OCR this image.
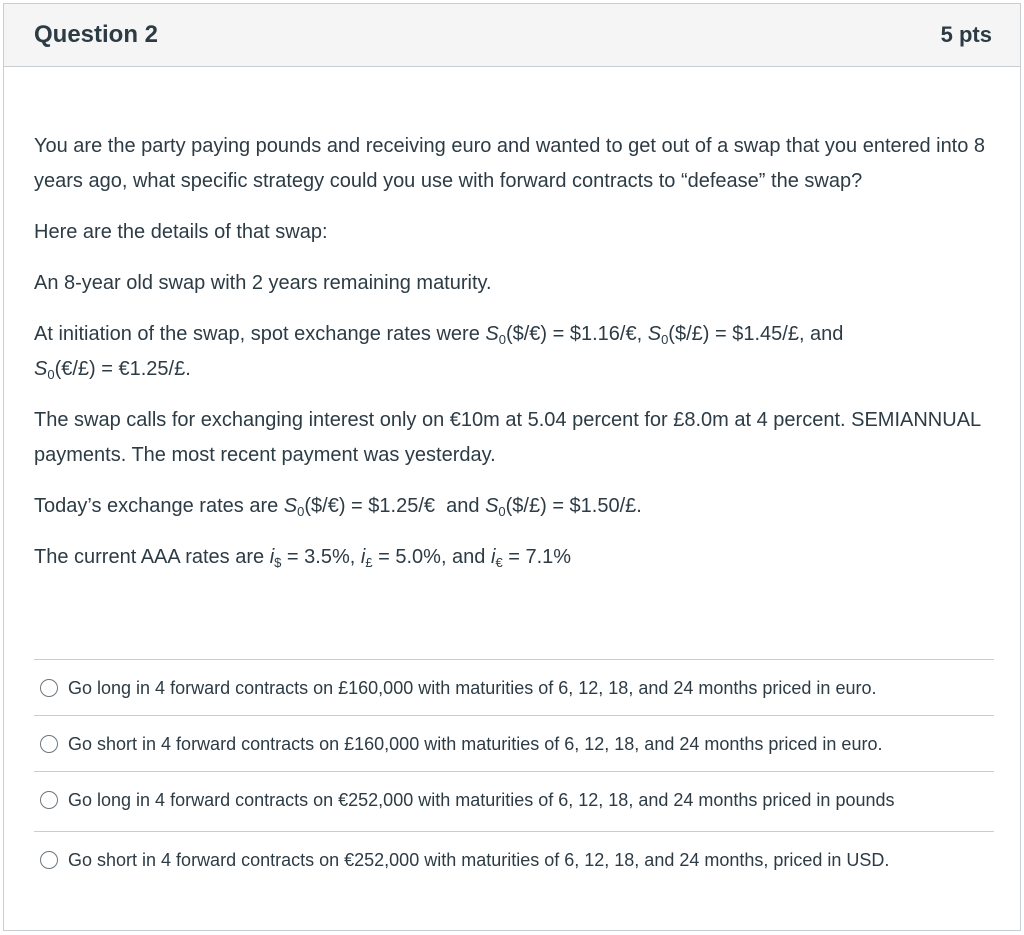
Question 2	5 pts

You are the party paying pounds and receiving euro and wanted to get out of a swap that you entered into 8 years ago, what specific strategy could you use with forward contracts to “defease” the swap?

Here are the details of that swap:

An 8-year old swap with 2 years remaining maturity.

At initiation of the swap, spot exchange rates were $S_0(\$/€)$ = $1.16/€, $S_0(\$/£)$ = $1.45/£, and
$S_0(€/£)$ = €1.25/£.

The swap calls for exchanging interest only on €10m at 5.04 percent for £8.0m at 4 percent. SEMIANNUAL payments. The most recent payment was yesterday.

Today’s exchange rates are $S_0(\$/€)$ = $1.25/€  and $S_0(\$/£)$ = $1.50/£.

The current AAA rates are $i_{\$} = 3.5\%$, $i_£ = 5.0\%$, and $i_€ = 7.1\%$

Go long in 4 forward contracts on £160,000 with maturities of 6, 12, 18, and 24 months priced in euro.
Go short in 4 forward contracts on £160,000 with maturities of 6, 12, 18, and 24 months priced in euro.
Go long in 4 forward contracts on €252,000 with maturities of 6, 12, 18, and 24 months priced in pounds
Go short in 4 forward contracts on €252,000 with maturities of 6, 12, 18, and 24 months, priced in USD.
